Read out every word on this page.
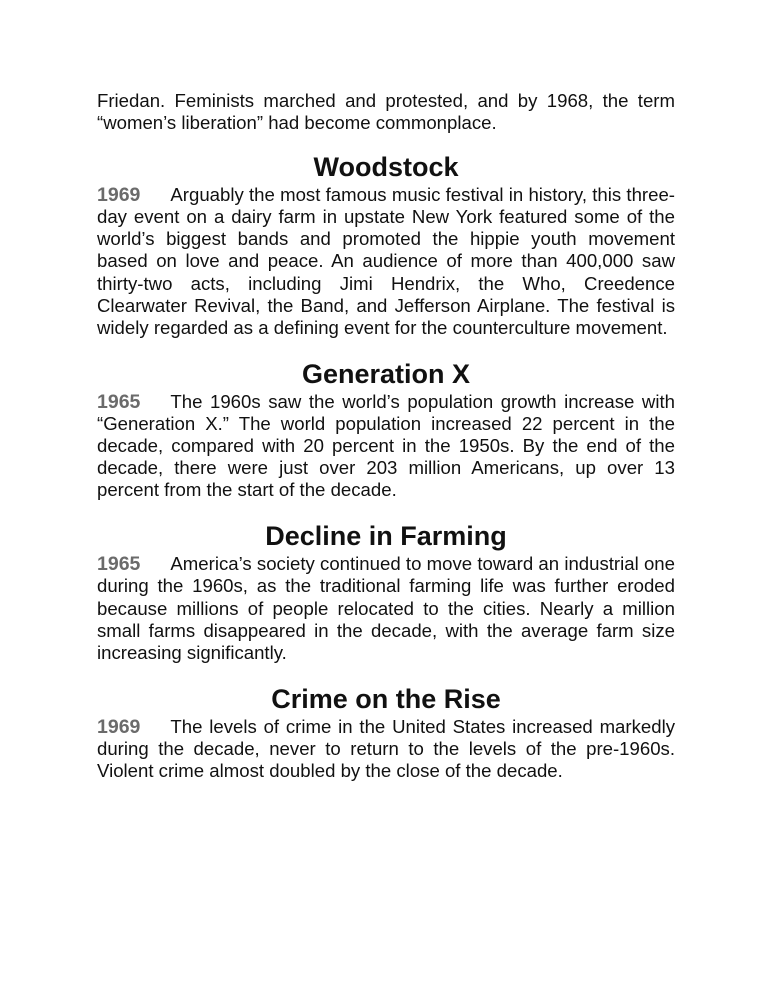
Friedan. Feminists marched and protested, and by 1968, the term “women’s liberation” had become commonplace.

Woodstock

1969 Arguably the most famous music festival in history, this three-day event on a dairy farm in upstate New York featured some of the world’s biggest bands and promoted the hippie youth movement based on love and peace. An audience of more than 400,000 saw thirty-two acts, including Jimi Hendrix, the Who, Creedence Clearwater Revival, the Band, and Jefferson Airplane. The festival is widely regarded as a defining event for the counterculture movement.

Generation X

1965 The 1960s saw the world’s population growth increase with “Generation X.” The world population increased 22 percent in the decade, compared with 20 percent in the 1950s. By the end of the decade, there were just over 203 million Americans, up over 13 percent from the start of the decade.

Decline in Farming

1965 America’s society continued to move toward an industrial one during the 1960s, as the traditional farming life was further eroded because millions of people relocated to the cities. Nearly a million small farms disappeared in the decade, with the average farm size increasing significantly.

Crime on the Rise

1969 The levels of crime in the United States increased markedly during the decade, never to return to the levels of the pre-1960s. Violent crime almost doubled by the close of the decade.
